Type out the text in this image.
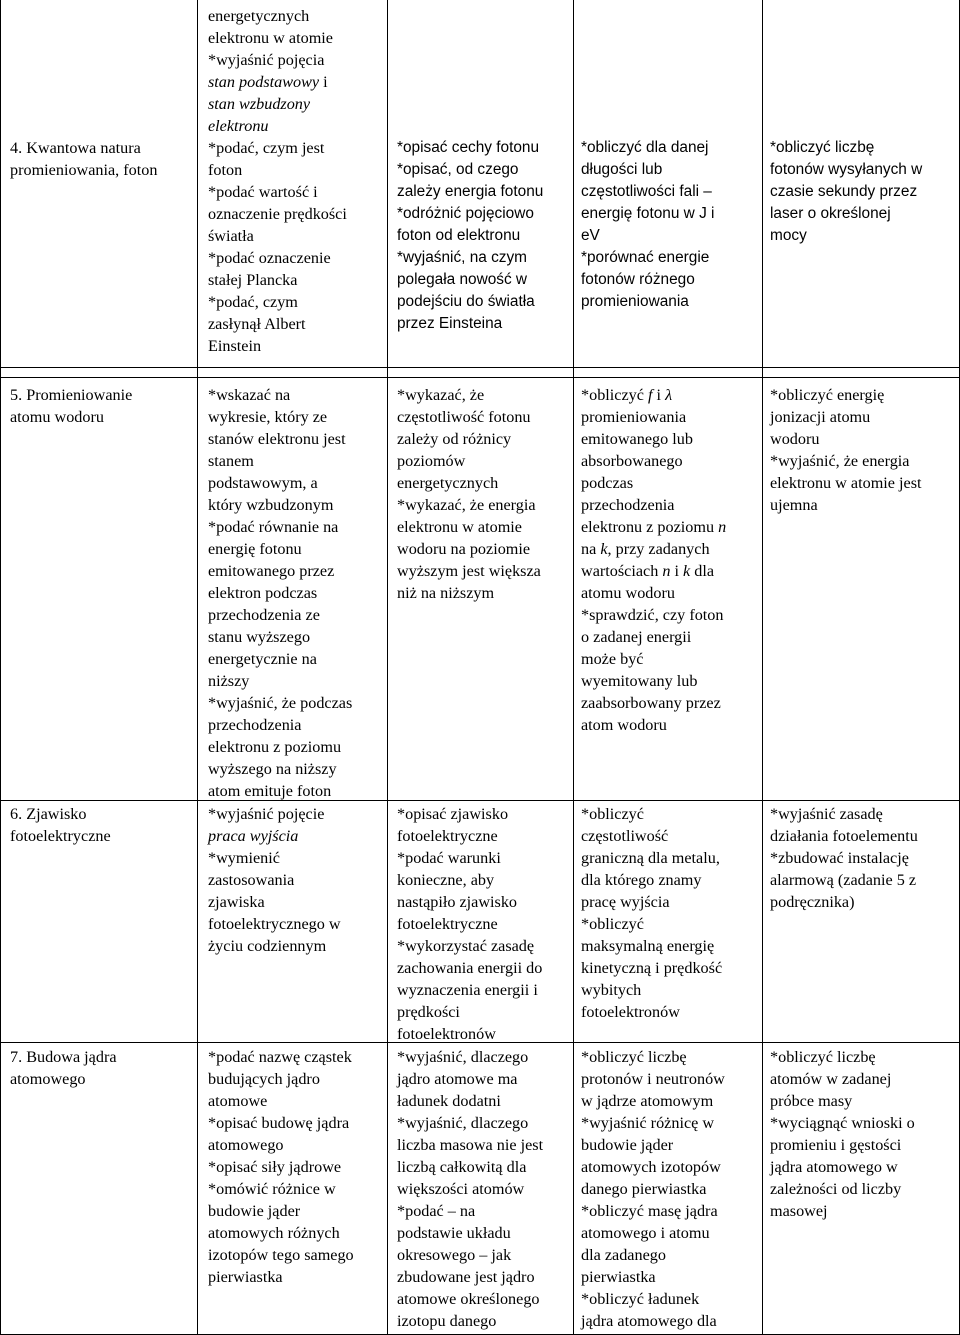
4. Kwantowa natura
promieniowania, foton
energetycznych
elektronu w atomie
*wyjaśnić pojęcia
stan podstawowy i
stan wzbudzony
elektronu
*podać, czym jest
foton
*podać wartość i
oznaczenie prędkości
światła
*podać oznaczenie
stałej Plancka
*podać, czym
zasłynął Albert
Einstein
*opisać cechy fotonu
*opisać, od czego
zależy energia fotonu
*odróżnić pojęciowo
foton od elektronu
*wyjaśnić, na czym
polegała nowość w
podejściu do światła
przez Einsteina
*obliczyć dla danej
długości lub
częstotliwości fali –
energię fotonu w J i
eV
*porównać energie
fotonów różnego
promieniowania
*obliczyć liczbę
fotonów wysyłanych w
czasie sekundy przez
laser o określonej
mocy
5. Promieniowanie
atomu wodoru
*wskazać na
wykresie, który ze
stanów elektronu jest
stanem
podstawowym, a
który wzbudzonym
*podać równanie na
energię fotonu
emitowanego przez
elektron podczas
przechodzenia ze
stanu wyższego
energetycznie na
niższy
*wyjaśnić, że podczas
przechodzenia
elektronu z poziomu
wyższego na niższy
atom emituje foton
*wykazać, że
częstotliwość fotonu
zależy od różnicy
poziomów
energetycznych
*wykazać, że energia
elektronu w atomie
wodoru na poziomie
wyższym jest większa
niż na niższym
*obliczyć f i λ
promieniowania
emitowanego lub
absorbowanego
podczas
przechodzenia
elektronu z poziomu n
na k, przy zadanych
wartościach n i k dla
atomu wodoru
*sprawdzić, czy foton
o zadanej energii
może być
wyemitowany lub
zaabsorbowany przez
atom wodoru
*obliczyć energię
jonizacji atomu
wodoru
*wyjaśnić, że energia
elektronu w atomie jest
ujemna
6. Zjawisko
fotoelektryczne
*wyjaśnić pojęcie
praca wyjścia
*wymienić
zastosowania
zjawiska
fotoelektrycznego w
życiu codziennym
*opisać zjawisko
fotoelektryczne
*podać warunki
konieczne, aby
nastąpiło zjawisko
fotoelektryczne
*wykorzystać zasadę
zachowania energii do
wyznaczenia energii i
prędkości
fotoelektronów
*obliczyć
częstotliwość
graniczną dla metalu,
dla którego znamy
pracę wyjścia
*obliczyć
maksymalną energię
kinetyczną i prędkość
wybitych
fotoelektronów
*wyjaśnić zasadę
działania fotoelementu
*zbudować instalację
alarmową (zadanie 5 z
podręcznika)
7. Budowa jądra
atomowego
*podać nazwę cząstek
budujących jądro
atomowe
*opisać budowę jądra
atomowego
*opisać siły jądrowe
*omówić różnice w
budowie jąder
atomowych różnych
izotopów tego samego
pierwiastka
*wyjaśnić, dlaczego
jądro atomowe ma
ładunek dodatni
*wyjaśnić, dlaczego
liczba masowa nie jest
liczbą całkowitą dla
większości atomów
*podać – na
podstawie układu
okresowego – jak
zbudowane jest jądro
atomowe określonego
izotopu danego
*obliczyć liczbę
protonów i neutronów
w jądrze atomowym
*wyjaśnić różnicę w
budowie jąder
atomowych izotopów
danego pierwiastka
*obliczyć masę jądra
atomowego i atomu
dla zadanego
pierwiastka
*obliczyć ładunek
jądra atomowego dla
*obliczyć liczbę
atomów w zadanej
próbce masy
*wyciągnąć wnioski o
promieniu i gęstości
jądra atomowego w
zależności od liczby
masowej
